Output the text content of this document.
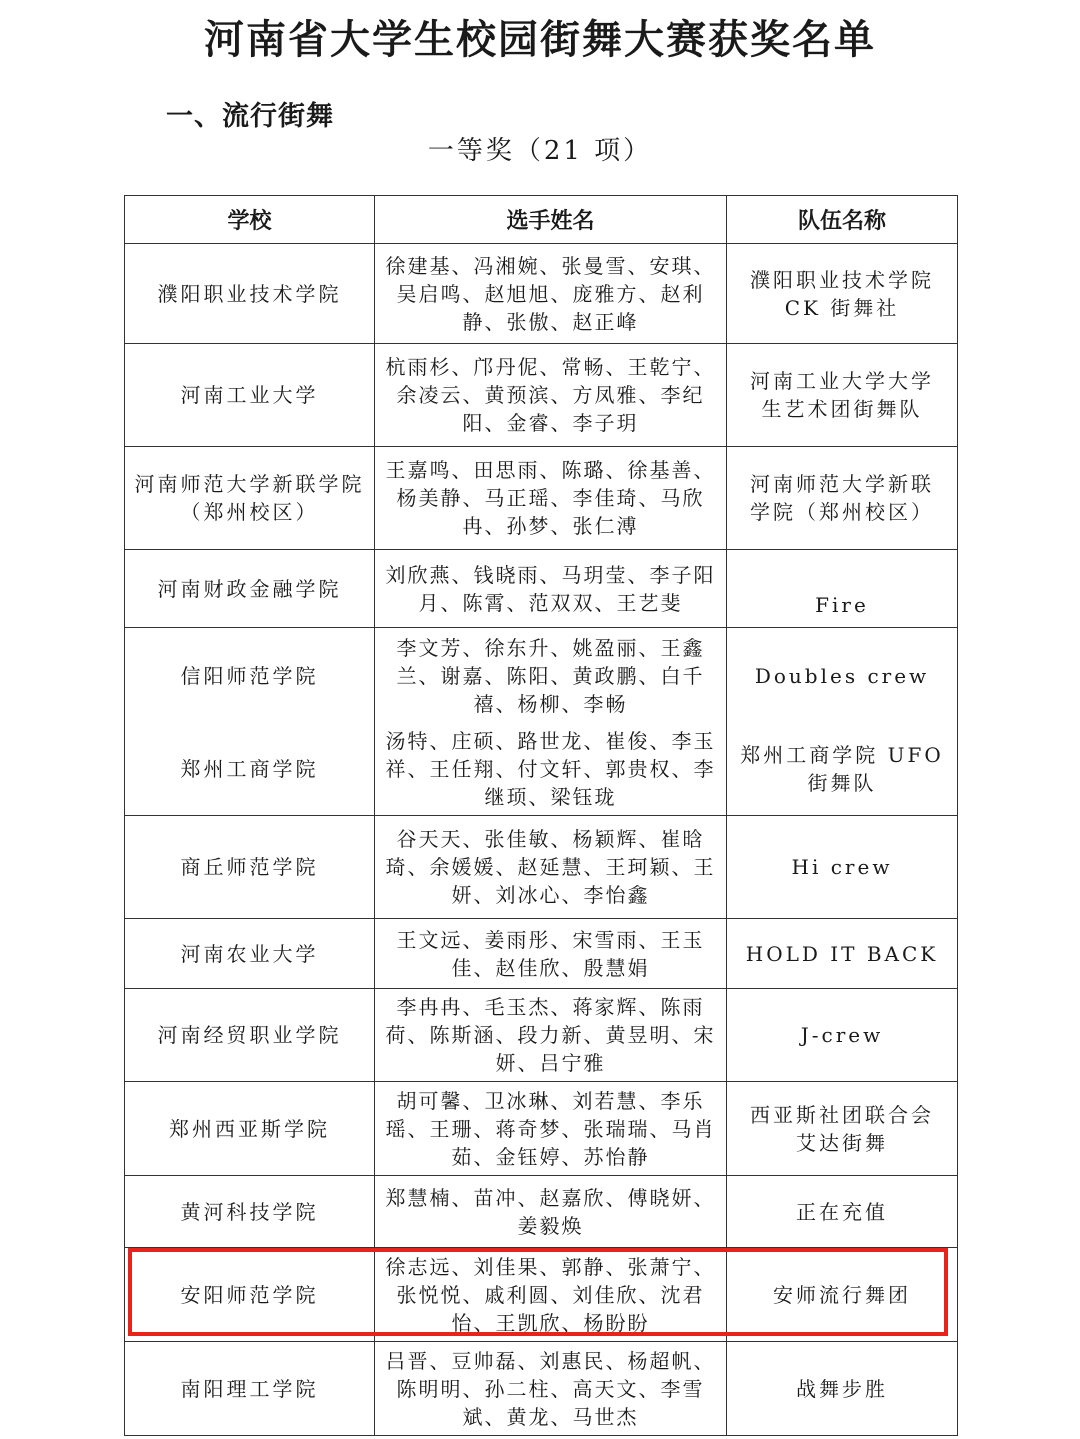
河南省大学生校园街舞大赛获奖名单
一、流行街舞
一等奖（21 项）
学校	选手姓名	队伍名称
濮阳职业技术学院	徐建基、冯湘婉、张曼雪、安琪、吴启鸣、赵旭旭、庞雅方、赵利静、张傲、赵正峰	濮阳职业技术学院 CK 街舞社
河南工业大学	杭雨杉、邝丹伲、常畅、王乾宁、余凌云、黄预滨、方凤雅、李纪阳、金睿、李子玥	河南工业大学大学生艺术团街舞队
河南师范大学新联学院（郑州校区）	王嘉鸣、田思雨、陈璐、徐基善、杨美静、马正瑶、李佳琦、马欣冉、孙梦、张仁溥	河南师范大学新联学院（郑州校区）
河南财政金融学院	刘欣燕、钱晓雨、马玥莹、李子阳月、陈霄、范双双、王艺斐	Fire
信阳师范学院	李文芳、徐东升、姚盈丽、王鑫兰、谢嘉、陈阳、黄政鹏、白千禧、杨柳、李畅	Doubles crew
郑州工商学院	汤特、庄硕、路世龙、崔俊、李玉祥、王任翔、付文轩、郭贵权、李继顼、梁钰珑	郑州工商学院 UFO 街舞队
商丘师范学院	谷天天、张佳敏、杨颖辉、崔晗琦、余媛媛、赵延慧、王珂颖、王妍、刘冰心、李怡鑫	Hi crew
河南农业大学	王文远、姜雨彤、宋雪雨、王玉佳、赵佳欣、殷慧娟	HOLD IT BACK
河南经贸职业学院	李冉冉、毛玉杰、蒋家辉、陈雨荷、陈斯涵、段力新、黄昱明、宋妍、吕宁雅	J-crew
郑州西亚斯学院	胡可馨、卫冰琳、刘若慧、李乐瑶、王珊、蒋奇梦、张瑞瑞、马肖茹、金钰婷、苏怡静	西亚斯社团联合会艾达街舞
黄河科技学院	郑慧楠、苗冲、赵嘉欣、傅晓妍、姜毅焕	正在充值
安阳师范学院	徐志远、刘佳果、郭静、张萧宁、张悦悦、戚利圆、刘佳欣、沈君怡、王凯欣、杨盼盼	安师流行舞团
南阳理工学院	吕晋、豆帅磊、刘惠民、杨超帆、陈明明、孙二柱、高天文、李雪斌、黄龙、马世杰	战舞步胜
